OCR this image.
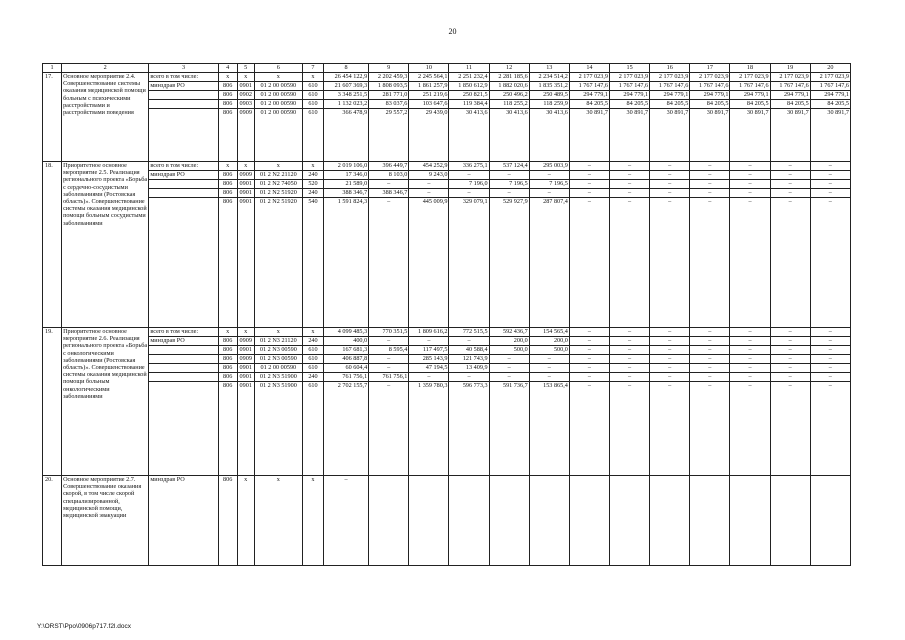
20
1	2	3	4	5	6	7	8	9	10	11	12	13	14	15	16	17	18	19	20
17.	Основное мероприятие 2.4. Совершенствование системы оказания медицинской помощи больным с психическими расстройствами и расстройствами поведения	всего в том числе:	x	x	x	x	26 454 122,9	2 202 459,3	2 245 564,1	2 251 232,4	2 281 185,6	2 234 514,2	2 177 023,9	2 177 023,9	2 177 023,9	2 177 023,9	2 177 023,9	2 177 023,9	2 177 023,9
		минздрав РО	806	0901	01 2 00 00590	610	21 607 369,3	1 808 093,5	1 861 257,9	1 850 612,9	1 882 020,6	1 835 351,2	1 767 147,6	1 767 147,6	1 767 147,6	1 767 147,6	1 767 147,6	1 767 147,6	1 767 147,6
			806	0902	01 2 00 00590	610	3 348 251,5	281 771,0	251 219,6	250 821,5	250 496,2	250 489,5	294 779,1	294 779,1	294 779,1	294 779,1	294 779,1	294 779,1	294 779,1
			806	0903	01 2 00 00590	610	1 132 023,2	83 037,6	103 647,6	119 384,4	118 255,2	118 259,9	84 205,5	84 205,5	84 205,5	84 205,5	84 205,5	84 205,5	84 205,5
			806	0909	01 2 00 00590	610	366 478,9	29 557,2	29 439,0	30 413,6	30 413,6	30 413,6	30 891,7	30 891,7	30 891,7	30 891,7	30 891,7	30 891,7	30 891,7
18.	Приоритетное основное мероприятие 2.5. Реализация регионального проекта «Борьба с сердечно-сосудистыми заболеваниями (Ростовская область)». Совершенствование системы оказания медицинской помощи больным сосудистыми заболеваниями	всего в том числе:	x	x	x	x	2 019 106,0	396 449,7	454 252,9	336 275,1	537 124,4	295 003,9	–	–	–	–	–	–	–
		минздрав РО	806	0909	01 2 N2 21120	240	17 346,0	8 103,0	9 243,0	–	–	–	–	–	–	–	–	–	–
			806	0901	01 2 N2 74050	520	21 589,0	–	–	7 196,0	7 196,5	7 196,5	–	–	–	–	–	–	–
			806	0901	01 2 N2 51920	240	388 346,7	388 346,7	–	–	–	–	–	–	–	–	–	–	–
			806	0901	01 2 N2 51920	540	1 591 824,3	–	445 009,9	329 079,1	529 927,9	287 807,4	–	–	–	–	–	–	–
19.	Приоритетное основное мероприятие 2.6. Реализация регионального проекта «Борьба с онкологическими заболеваниями (Ростовская область)». Совершенствование системы оказания медицинской помощи больным онкологическими заболеваниями	всего в том числе:	x	x	x	x	4 099 485,3	770 351,5	1 809 616,2	772 515,5	592 436,7	154 565,4	–	–	–	–	–	–	–
		минздрав РО	806	0909	01 2 N3 21120	240	400,0	–	–	–	200,0	200,0	–	–	–	–	–	–	–
			806	0901	01 2 N3 00590	610	167 681,3	8 595,4	117 497,5	40 588,4	500,0	500,0	–	–	–	–	–	–	–
			806	0909	01 2 N3 00590	610	406 887,8	–	285 143,9	121 743,9	–	–	–	–	–	–	–	–	–
			806	0901	01 2 00 00590	610	60 604,4	–	47 194,5	13 409,9	–	–	–	–	–	–	–	–	–
			806	0901	01 2 N3 51900	240	761 756,1	761 756,1	–	–	–	–	–	–	–	–	–	–	–
			806	0901	01 2 N3 51900	610	2 702 155,7	–	1 359 780,3	596 773,3	591 736,7	153 865,4	–	–	–	–	–	–	–
20.	Основное мероприятие 2.7. Совершенствование оказания скорой, в том числе скорой специализированной, медицинской помощи, медицинской эвакуации	минздрав РО	806	x	x	x	–												
Y:\ORST\Ppo\0906p717.f2l.docx
